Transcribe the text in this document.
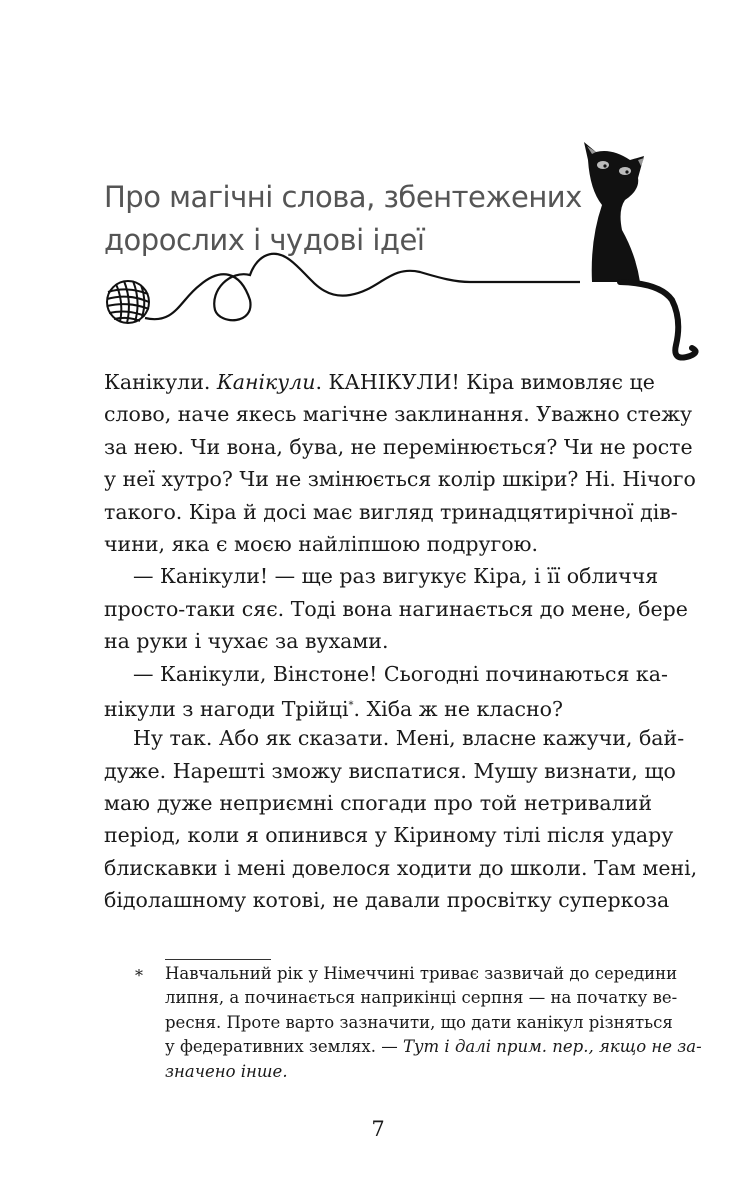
Про магічні слова, збентежених
дорослих і чудові ідеї
Канікули. Канікули. КАНІКУЛИ! Кіра вимовляє це
слово, наче якесь магічне заклинання. Уважно стежу
за нею. Чи вона, бува, не перемінюється? Чи не росте
у неї хутро? Чи не змінюється колір шкіри? Ні. Нічого
такого. Кіра й досі має вигляд тринадцятирічної дів-
чини, яка є моєю найліпшою подругою.
— Канікули! — ще раз вигукує Кіра, і її обличчя
просто-таки сяє. Тоді вона нагинається до мене, бере
на руки і чухає за вухами.
— Канікули, Вінстоне! Сьогодні починаються ка-
нікули з нагоди Трійці*. Хіба ж не класно?
Ну так. Або як сказати. Мені, власне кажучи, бай-
дуже. Нарешті зможу виспатися. Мушу визнати, що
маю дуже неприємні спогади про той нетривалий
період, коли я опинився у Кіриному тілі після удару
блискавки і мені довелося ходити до школи. Там мені,
бідолашному котові, не давали просвітку суперкоза
* Навчальний рік у Німеччині триває зазвичай до середини
липня, а починається наприкінці серпня — на початку ве-
ресня. Проте варто зазначити, що дати канікул різняться
у федеративних землях. — Тут і далі прим. пер., якщо не за-
значено інше.
7
